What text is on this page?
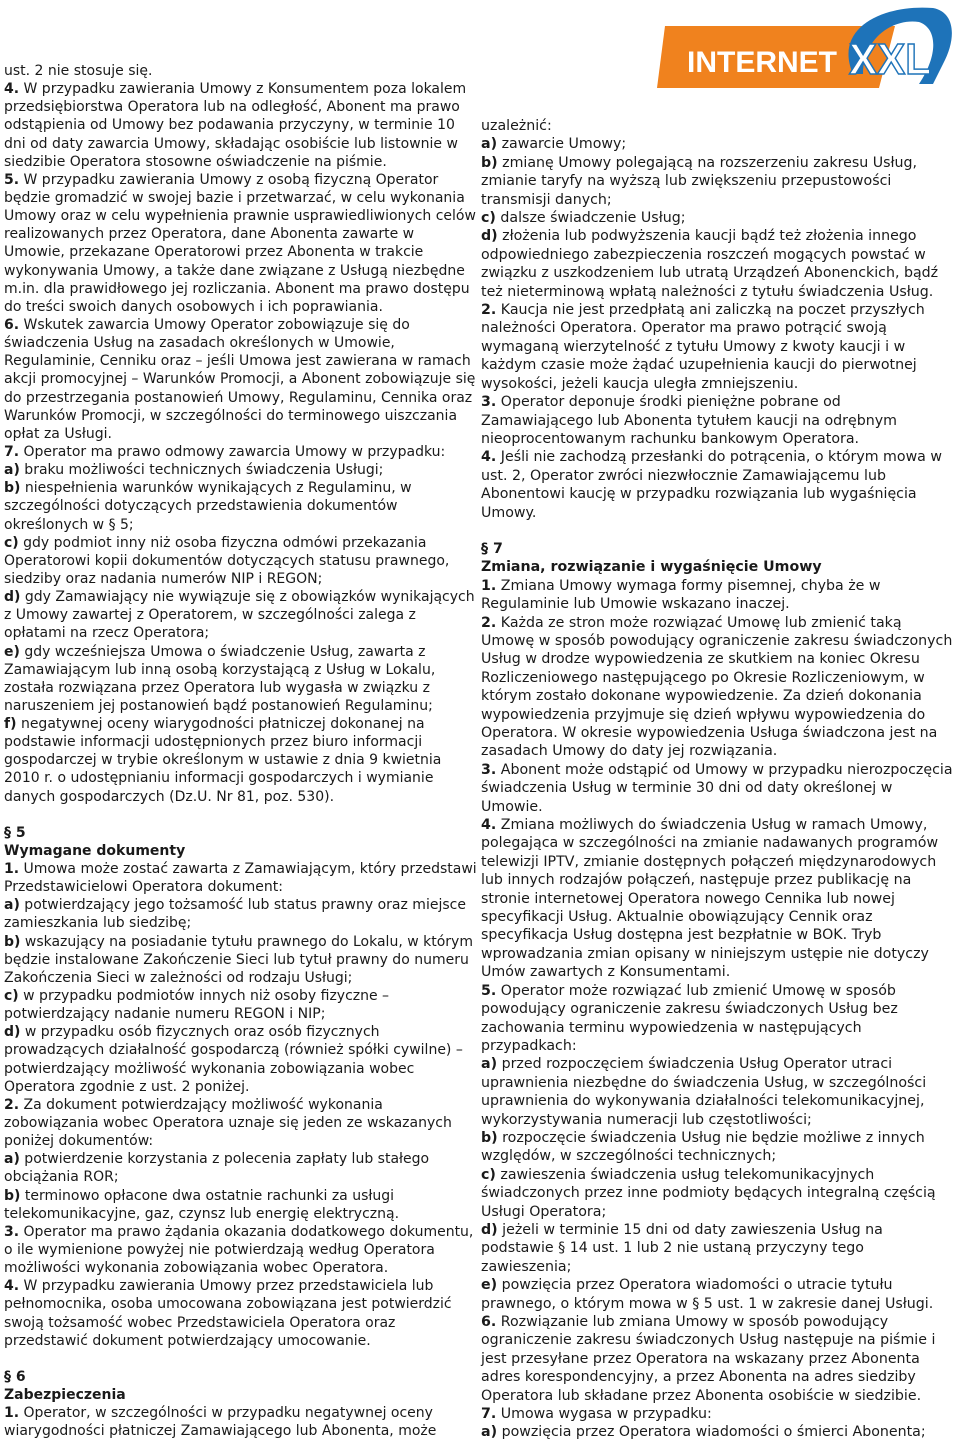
INTERNET XXL

ust. 2 nie stosuje się.

4. W przypadku zawierania Umowy z Konsumentem poza lokalem przedsiębiorstwa Operatora lub na odległość, Abonent ma prawo odstąpienia od Umowy bez podawania przyczyny, w terminie 10 dni od daty zawarcia Umowy, składając osobiście lub listownie w siedzibie Operatora stosowne oświadczenie na piśmie.

5. W przypadku zawierania Umowy z osobą fizyczną Operator będzie gromadzić w swojej bazie i przetwarzać, w celu wykonania Umowy oraz w celu wypełnienia prawnie usprawiedliwionych celów realizowanych przez Operatora, dane Abonenta zawarte w Umowie, przekazane Operatorowi przez Abonenta w trakcie wykonywania Umowy, a także dane związane z Usługą niezbędne m.in. dla prawidłowego jej rozliczania. Abonent ma prawo dostępu do treści swoich danych osobowych i ich poprawiania.

6. Wskutek zawarcia Umowy Operator zobowiązuje się do świadczenia Usług na zasadach określonych w Umowie, Regulaminie, Cenniku oraz – jeśli Umowa jest zawierana w ramach akcji promocyjnej – Warunków Promocji, a Abonent zobowiązuje się do przestrzegania postanowień Umowy, Regulaminu, Cennika oraz Warunków Promocji, w szczególności do terminowego uiszczania opłat za Usługi.

7. Operator ma prawo odmowy zawarcia Umowy w przypadku:

a) braku możliwości technicznych świadczenia Usługi;

b) niespełnienia warunków wynikających z Regulaminu, w szczególności dotyczących przedstawienia dokumentów określonych w § 5;

c) gdy podmiot inny niż osoba fizyczna odmówi przekazania Operatorowi kopii dokumentów dotyczących statusu prawnego, siedziby oraz nadania numerów NIP i REGON;

d) gdy Zamawiający nie wywiązuje się z obowiązków wynikających z Umowy zawartej z Operatorem, w szczególności zalega z opłatami na rzecz Operatora;

e) gdy wcześniejsza Umowa o świadczenie Usług, zawarta z Zamawiającym lub inną osobą korzystającą z Usług w Lokalu, została rozwiązana przez Operatora lub wygasła w związku z naruszeniem jej postanowień bądź postanowień Regulaminu;

f) negatywnej oceny wiarygodności płatniczej dokonanej na podstawie informacji udostępnionych przez biuro informacji gospodarczej w trybie określonym w ustawie z dnia 9 kwietnia 2010 r. o udostępnianiu informacji gospodarczych i wymianie danych gospodarczych (Dz.U. Nr 81, poz. 530).

§ 5

Wymagane dokumenty

1. Umowa może zostać zawarta z Zamawiającym, który przedstawi Przedstawicielowi Operatora dokument:

a) potwierdzający jego tożsamość lub status prawny oraz miejsce zamieszkania lub siedzibę;

b) wskazujący na posiadanie tytułu prawnego do Lokalu, w którym będzie instalowane Zakończenie Sieci lub tytuł prawny do numeru Zakończenia Sieci w zależności od rodzaju Usługi;

c) w przypadku podmiotów innych niż osoby fizyczne – potwierdzający nadanie numeru REGON i NIP;

d) w przypadku osób fizycznych oraz osób fizycznych prowadzących działalność gospodarczą (również spółki cywilne) – potwierdzający możliwość wykonania zobowiązania wobec Operatora zgodnie z ust. 2 poniżej.

2. Za dokument potwierdzający możliwość wykonania zobowiązania wobec Operatora uznaje się jeden ze wskazanych poniżej dokumentów:

a) potwierdzenie korzystania z polecenia zapłaty lub stałego obciążania ROR;

b) terminowo opłacone dwa ostatnie rachunki za usługi telekomunikacyjne, gaz, czynsz lub energię elektryczną.

3. Operator ma prawo żądania okazania dodatkowego dokumentu, o ile wymienione powyżej nie potwierdzają według Operatora możliwości wykonania zobowiązania wobec Operatora.

4. W przypadku zawierania Umowy przez przedstawiciela lub pełnomocnika, osoba umocowana zobowiązana jest potwierdzić swoją tożsamość wobec Przedstawiciela Operatora oraz przedstawić dokument potwierdzający umocowanie.

§ 6

Zabezpieczenia

1. Operator, w szczególności w przypadku negatywnej oceny wiarygodności płatniczej Zamawiającego lub Abonenta, może

uzależnić:

a) zawarcie Umowy;

b) zmianę Umowy polegającą na rozszerzeniu zakresu Usług, zmianie taryfy na wyższą lub zwiększeniu przepustowości transmisji danych;

c) dalsze świadczenie Usług;

d) złożenia lub podwyższenia kaucji bądź też złożenia innego odpowiedniego zabezpieczenia roszczeń mogących powstać w związku z uszkodzeniem lub utratą Urządzeń Abonenckich, bądź też nieterminową wpłatą należności z tytułu świadczenia Usług.

2. Kaucja nie jest przedpłatą ani zaliczką na poczet przyszłych należności Operatora. Operator ma prawo potrącić swoją wymaganą wierzytelność z tytułu Umowy z kwoty kaucji i w każdym czasie może żądać uzupełnienia kaucji do pierwotnej wysokości, jeżeli kaucja uległa zmniejszeniu.

3. Operator deponuje środki pieniężne pobrane od Zamawiającego lub Abonenta tytułem kaucji na odrębnym nieoprocentowanym rachunku bankowym Operatora.

4. Jeśli nie zachodzą przesłanki do potrącenia, o którym mowa w ust. 2, Operator zwróci niezwłocznie Zamawiającemu lub Abonentowi kaucję w przypadku rozwiązania lub wygaśnięcia Umowy.

§ 7

Zmiana, rozwiązanie i wygaśnięcie Umowy

1. Zmiana Umowy wymaga formy pisemnej, chyba że w Regulaminie lub Umowie wskazano inaczej.

2. Każda ze stron może rozwiązać Umowę lub zmienić taką Umowę w sposób powodujący ograniczenie zakresu świadczonych Usług w drodze wypowiedzenia ze skutkiem na koniec Okresu Rozliczeniowego następującego po Okresie Rozliczeniowym, w którym zostało dokonane wypowiedzenie. Za dzień dokonania wypowiedzenia przyjmuje się dzień wpływu wypowiedzenia do Operatora. W okresie wypowiedzenia Usługa świadczona jest na zasadach Umowy do daty jej rozwiązania.

3. Abonent może odstąpić od Umowy w przypadku nierozpoczęcia świadczenia Usług w terminie 30 dni od daty określonej w Umowie.

4. Zmiana możliwych do świadczenia Usług w ramach Umowy, polegająca w szczególności na zmianie nadawanych programów telewizji IPTV, zmianie dostępnych połączeń międzynarodowych lub innych rodzajów połączeń, następuje przez publikację na stronie internetowej Operatora nowego Cennika lub nowej specyfikacji Usług. Aktualnie obowiązujący Cennik oraz specyfikacja Usług dostępna jest bezpłatnie w BOK. Tryb wprowadzania zmian opisany w niniejszym ustępie nie dotyczy Umów zawartych z Konsumentami.

5. Operator może rozwiązać lub zmienić Umowę w sposób powodujący ograniczenie zakresu świadczonych Usług bez zachowania terminu wypowiedzenia w następujących przypadkach:

a) przed rozpoczęciem świadczenia Usług Operator utraci uprawnienia niezbędne do świadczenia Usług, w szczególności uprawnienia do wykonywania działalności telekomunikacyjnej, wykorzystywania numeracji lub częstotliwości;

b) rozpoczęcie świadczenia Usług nie będzie możliwe z innych względów, w szczególności technicznych;

c) zawieszenia świadczenia usług telekomunikacyjnych świadczonych przez inne podmioty będących integralną częścią Usługi Operatora;

d) jeżeli w terminie 15 dni od daty zawieszenia Usług na podstawie § 14 ust. 1 lub 2 nie ustaną przyczyny tego zawieszenia;

e) powzięcia przez Operatora wiadomości o utracie tytułu prawnego, o którym mowa w § 5 ust. 1 w zakresie danej Usługi.

6. Rozwiązanie lub zmiana Umowy w sposób powodujący ograniczenie zakresu świadczonych Usług następuje na piśmie i jest przesyłane przez Operatora na wskazany przez Abonenta adres korespondencyjny, a przez Abonenta na adres siedziby Operatora lub składane przez Abonenta osobiście w siedzibie.

7. Umowa wygasa w przypadku:

a) powzięcia przez Operatora wiadomości o śmierci Abonenta;
